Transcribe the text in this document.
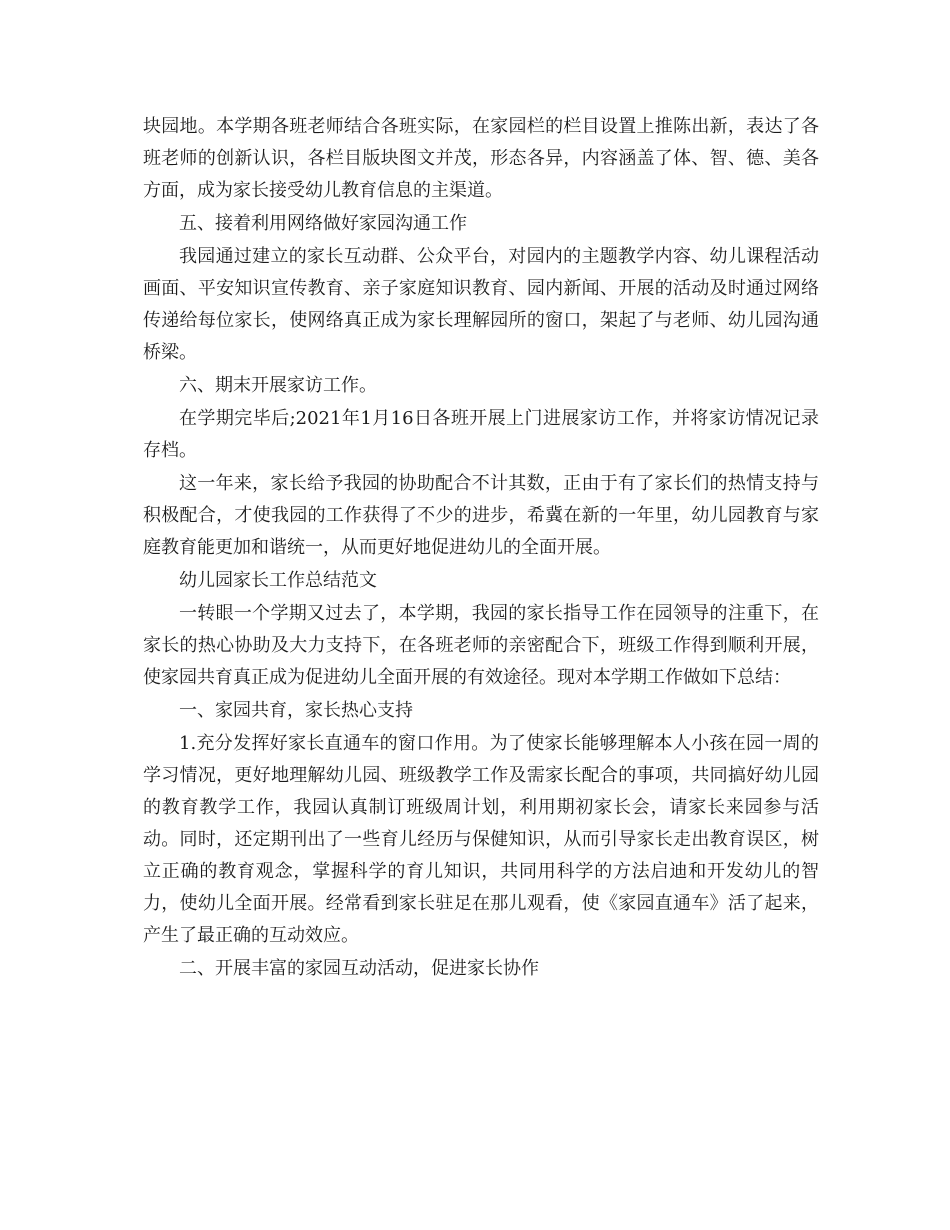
块园地。本学期各班老师结合各班实际，在家园栏的栏目设置上推陈出新，表达了各班老师的创新认识，各栏目版块图文并茂，形态各异，内容涵盖了体、智、德、美各方面，成为家长接受幼儿教育信息的主渠道。

五、接着利用网络做好家园沟通工作

我园通过建立的家长互动群、公众平台，对园内的主题教学内容、幼儿课程活动画面、平安知识宣传教育、亲子家庭知识教育、园内新闻、开展的活动及时通过网络传递给每位家长，使网络真正成为家长理解园所的窗口，架起了与老师、幼儿园沟通桥梁。

六、期末开展家访工作。

在学期完毕后;2021年1月16日各班开展上门进展家访工作，并将家访情况记录存档。

这一年来，家长给予我园的协助配合不计其数，正由于有了家长们的热情支持与积极配合，才使我园的工作获得了不少的进步，希冀在新的一年里，幼儿园教育与家庭教育能更加和谐统一，从而更好地促进幼儿的全面开展。

幼儿园家长工作总结范文

一转眼一个学期又过去了，本学期，我园的家长指导工作在园领导的注重下，在家长的热心协助及大力支持下，在各班老师的亲密配合下，班级工作得到顺利开展，使家园共育真正成为促进幼儿全面开展的有效途径。现对本学期工作做如下总结：

一、家园共育，家长热心支持

1.充分发挥好家长直通车的窗口作用。为了使家长能够理解本人小孩在园一周的学习情况，更好地理解幼儿园、班级教学工作及需家长配合的事项，共同搞好幼儿园的教育教学工作，我园认真制订班级周计划，利用期初家长会，请家长来园参与活动。同时，还定期刊出了一些育儿经历与保健知识，从而引导家长走出教育误区，树立正确的教育观念，掌握科学的育儿知识，共同用科学的方法启迪和开发幼儿的智力，使幼儿全面开展。经常看到家长驻足在那儿观看，使《家园直通车》活了起来，产生了最正确的互动效应。

二、开展丰富的家园互动活动，促进家长协作
